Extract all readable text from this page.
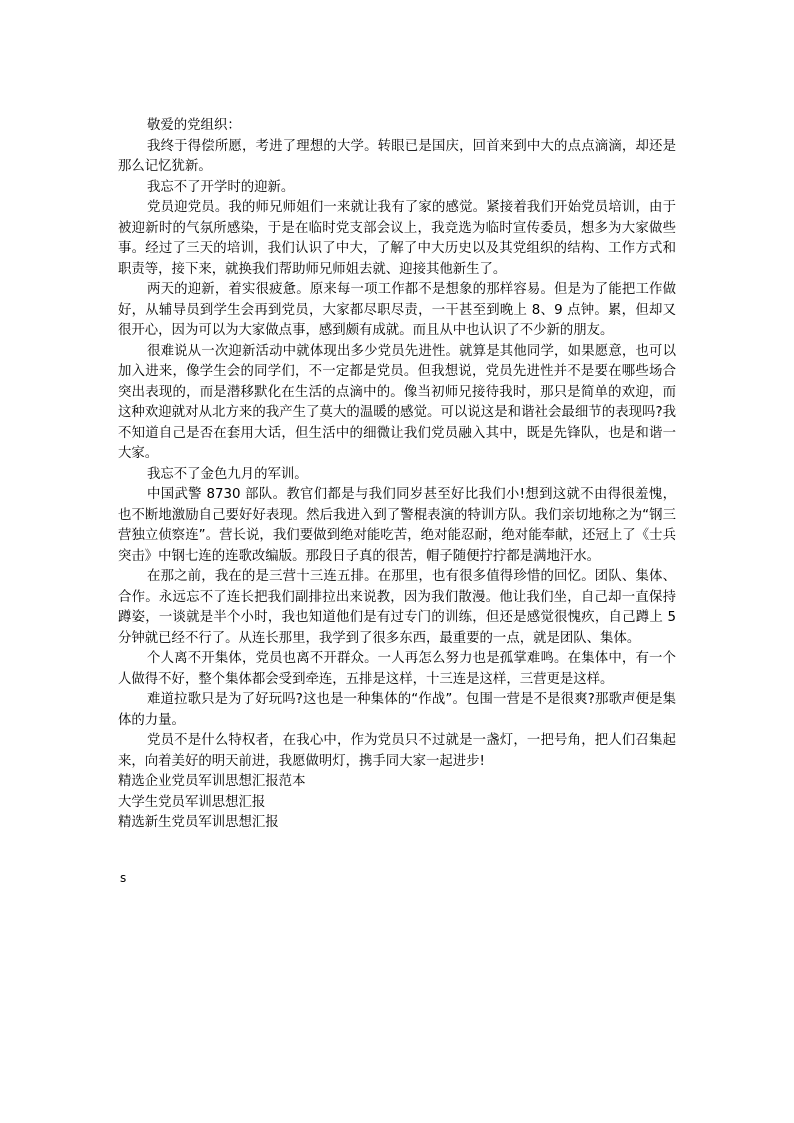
敬爱的党组织：

我终于得偿所愿，考进了理想的大学。转眼已是国庆，回首来到中大的点点滴滴，却还是那么记忆犹新。

我忘不了开学时的迎新。

党员迎党员。我的师兄师姐们一来就让我有了家的感觉。紧接着我们开始党员培训，由于被迎新时的气氛所感染，于是在临时党支部会议上，我竞选为临时宣传委员，想多为大家做些事。经过了三天的培训，我们认识了中大，了解了中大历史以及其党组织的结构、工作方式和职责等，接下来，就换我们帮助师兄师姐去就、迎接其他新生了。

两天的迎新，着实很疲惫。原来每一项工作都不是想象的那样容易。但是为了能把工作做好，从辅导员到学生会再到党员，大家都尽职尽责，一干甚至到晚上 8、9 点钟。累，但却又很开心，因为可以为大家做点事，感到颇有成就。而且从中也认识了不少新的朋友。

很难说从一次迎新活动中就体现出多少党员先进性。就算是其他同学，如果愿意，也可以加入进来，像学生会的同学们，不一定都是党员。但我想说，党员先进性并不是要在哪些场合突出表现的，而是潜移默化在生活的点滴中的。像当初师兄接待我时，那只是简单的欢迎，而这种欢迎就对从北方来的我产生了莫大的温暖的感觉。可以说这是和谐社会最细节的表现吗?我不知道自己是否在套用大话，但生活中的细微让我们党员融入其中，既是先锋队，也是和谐一大家。

我忘不了金色九月的军训。

中国武警 8730 部队。教官们都是与我们同岁甚至好比我们小!想到这就不由得很羞愧，也不断地激励自己要好好表现。然后我进入到了警棍表演的特训方队。我们亲切地称之为“钢三营独立侦察连”。营长说，我们要做到绝对能吃苦，绝对能忍耐，绝对能奉献，还冠上了《士兵突击》中钢七连的连歌改编版。那段日子真的很苦，帽子随便拧拧都是满地汗水。

在那之前，我在的是三营十三连五排。在那里，也有很多值得珍惜的回忆。团队、集体、合作。永远忘不了连长把我们副排拉出来说教，因为我们散漫。他让我们坐，自己却一直保持蹲姿，一谈就是半个小时，我也知道他们是有过专门的训练，但还是感觉很愧疚，自己蹲上 5 分钟就已经不行了。从连长那里，我学到了很多东西，最重要的一点，就是团队、集体。

个人离不开集体，党员也离不开群众。一人再怎么努力也是孤掌难鸣。在集体中，有一个人做得不好，整个集体都会受到牵连，五排是这样，十三连是这样，三营更是这样。

难道拉歌只是为了好玩吗?这也是一种集体的“作战”。包围一营是不是很爽?那歌声便是集体的力量。

党员不是什么特权者，在我心中，作为党员只不过就是一盏灯，一把号角，把人们召集起来，向着美好的明天前进，我愿做明灯，携手同大家一起进步!

精选企业党员军训思想汇报范本

大学生党员军训思想汇报

精选新生党员军训思想汇报

s
